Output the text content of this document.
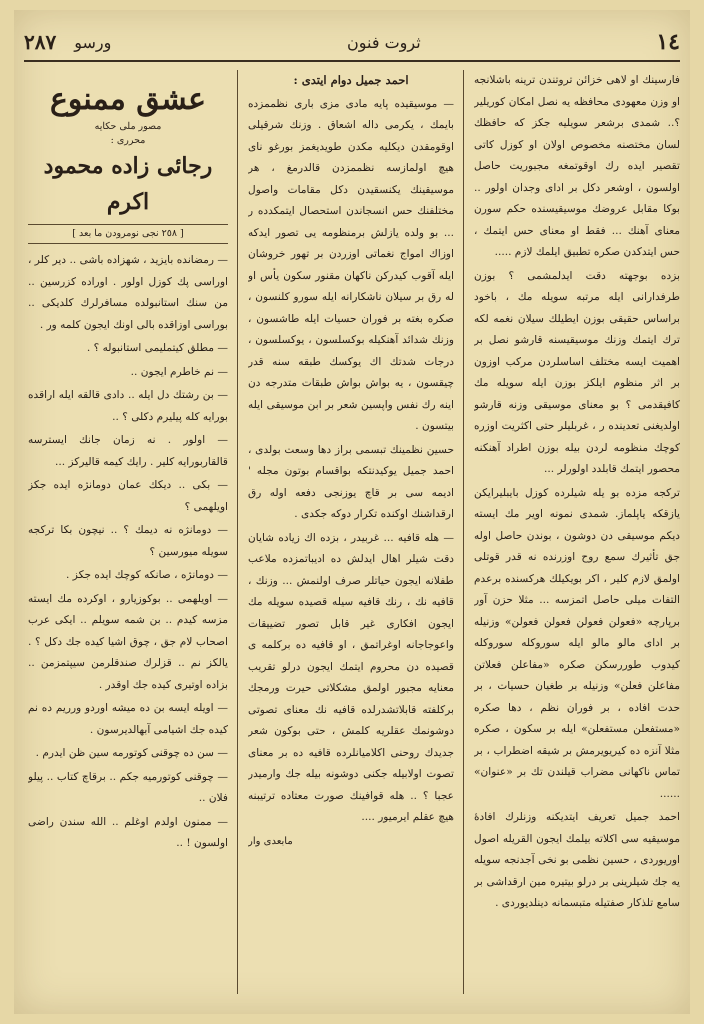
١٤
ثروت فنون
ورسو
٢٨٧

فارسينك او لاهى خزائن تروتندن ترينه باشلانجه او وزن معهودى محافظه يه نصل امكان كوريلير ؟.. شمدى برشعر سويليه جكز كه حافظك لسان مختصنه مخصوص اولان او كوزل كاتى تقصير ايده رك اوقوتمغه مجبوريت حاصل اولسون ، اوشعر دكل بر اداى وجدان اولور .. بوكا مقابل عروضك موسيقيسنده حكم سورن معناى آهنك ... فقط او معناى حس ايتمك ، حس ايتدكدن صكره تطبيق ايلمك لازم .....

بزده بوجهته دقت ايدلمشمى ؟ بوزن طرفدارانى ايله مرتبه سويله مك ، باخود براساس حقيقى بوزن ايطيلك سيلان نغمه لكه ترك ايتمك وزنك موسيقيسنه قارشو نصل بر اهميت ايسه مختلف اساسلردن مركب اوزون بر اثر منظوم ايلكز بوزن ايله سويله مك كافيقدمى ؟ بو معناى موسيقى وزنه قارشو اولديغنى تعدينده ر ، غربليلر حتى اكثريت اوزره كوچك منظومه لردن بيله بوزن اطراد آهنكنه محصور ايتمك قابلدد اولورلر ...

تركجه مزده بو يله شيلرده كوزل بايبليرايكن يازقكه ياپلماز. شمدى نمونه اوير مك ايسته ديكم موسيقى دن دوشون ، بوندن حاصل اوله جق تأثيرك سمع روح اوزرنده نه قدر قوتلى اولمق لازم كلير ، اكر بويكيلك هركسنده برعدم التفات ميلى حاصل اتمزسه ... مثلا حزن آور برپارچه «فعولن فعولن فعولن فعولن» وزنيله بر اداى مالو مالو ايله سوروكله سوروكله كيدوب طوررسكن صكره «مفاعلن فعلاتن مفاعلن فعلن» وزنيله بر طغيان حسيات ، بر حدت افاده ، بر فوران نظم ، دها صكره «مستفعلن مستفعلن» ايله بر سكون ، صكره مثلا آنزه ده كيريويرمش بر شيقه اضطراب ، بر تماس ناكهانى مضراب قيلندن تك بر «عنوان» ......

احمد جميل تعريف ايتديكنه وزنلرك افادۀ موسيقيه سى اكلاته بيلمك ايجون القريله اصول اوريوردى ، حسين نظمى بو نخى آجدنجه سويله يه جك شيلرينى بر درلو بيتيره مين ارقداشى بر سامع تلذكار صفتيله متبسمانه دينلديوردى .

احمد جميل دوام ايتدى :

— موسيقيده پايه مادى مزى بارى نظممزده بایمك ، يكرمى داله اشعاق . وزنك شرقيلى اوقومقدن ديكليه مكدن طويديغمز بورغو ناى هيچ اولمازسه نظممزدن قالدرمغ ، هر موسيقينك يكنسقيدن دكل مقامات واصول مختلفنك حس انسجاندن استحصال ايتمكدده ر ... بو ولده يازلش برمنظومه يى تصور ايدكه اوزاك امواج نغماتى اوزردن بر تهور خروشان ايله آقوب كيدركن ناكهان مقنور سكون يأس او له رق بر سيلان ناشكارانه ايله سورو كلنسون ، صكره بغته بر فوران حسيات ايله طاشسون ، وزنك شدائد آهنكيله بوكسلسون ، يوكسلسون ، درجات شدتك اك يوكسك طبقه سنه قدر چيقسون ، يه بواش بواش طبقات متدرجه دن اينه رك نفس واپسين شعر بر ابن موسيقى ايله بيتسون .

حسين نظمينك تبسمى براز دها وسعت بولدى ، احمد جميل يوكيدنتكه بواقسام بوتون مجله ' اديمه سى بر قاچ يوزنجى دفعه اوله رق ارقداشنك اوكنده تكرار دوكه جكدى .

— هله قافيه ... غربيدر ، بزده اك زياده شايان دقت شيلر اهال ايدلش ده اديباتمزده ملاعب طفلانه ايجون حياتلر صرف اولنمش ... وزنك ، قافيه نك ، رنك قافيه سيله قصيده سويله مك ايجون افكارى غير قابل تصور تضييقات واعوجاجانه اوغراتمق ، او قافيه ده بركلمه ى قصيده دن محروم ايتمك ايجون درلو تقريب معنايه مجبور اولمق مشكلاتى حيرت ورمجك بركلفته قابلاتشدرلده قافيه نك معناى تصوتى دوشونمك عقلريه كلمش ، حتى بوكون شعر جديدك روحنى اكلاميانلرده قافيه ده بر معناى تصوت اولابيله جكنى دوشونه بيله جك وارميدر عجبا ؟ .. هله قوافينك صورت معتاده ترتيبنه هيچ عقلم ايرميور ....

مابعدى وار
عشق ممنوع
مصور ملى حكايه
محررى :
رجائى زاده محمود اكرم
[ ٢٥٨ نجى نومرودن ما بعد ]

— رمضانده بایزید ، شهزاده باشى .. دير كلر ، اوراسى پك كوزل اولور . اوراده كزرسين .. من سنك استانبولده مسافرلرك كلديكى .. بوراسى اوزاقده بالى اونك ايجون كلمه ور .

— مطلق كيتمليمى استانبوله ؟ .

— نم خاطرم ايجون ..

— بن رشتك دل ايله .. دادى قالقه ايله اراقده بورايه كله پيليرم دكلى ؟ ..

— اولور . نه زمان جانك ايسترسه قالقاربورايه كلير . رايك كيمه قاليركز ...

— بكى .. ديكك عمان دومانژه ايده جكز اويلهمى ؟

— دومانژه نه ديمك ؟ .. نيچون بكا تركجه سويله ميورسين ؟

— دومانژه ، صانكه كوچك ايده جكز .

— اويلهمى .. بوكوزيارو ، اوكرده مك ايسته مزسه كيدم .. بن شمه سويلم .. ايكى عرب اصحاب لام جق ، چوق اشيا كيده جك دكل ؟ . يالكز نم .. قزلرك صندقلرمن سيپتمزمن .. بزاده اوتيرى كيده جك اوقدر .

— اويله ايسه بن ده ميشه اوردو ورريم ده نم كيده جك اشيامى آبهالديرسون .

— سن ده چوقنى كوتورمه سين ظن ايدرم .

— چوقنى كوتورميه جكم .. برقاچ كتاب .. پيلو فلان ..

— ممنون اولدم اوغلم .. الله سندن راضى اولسون ! ..
